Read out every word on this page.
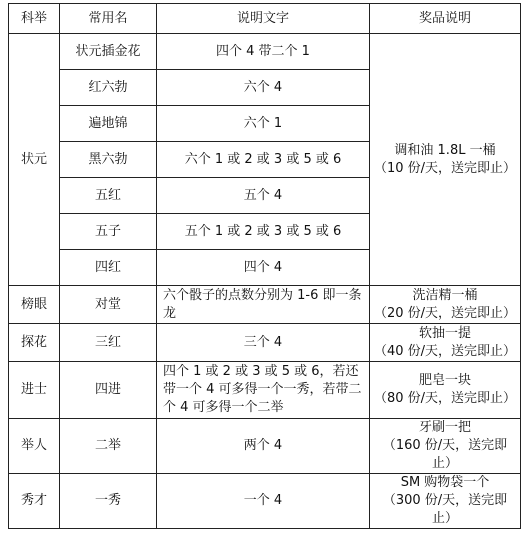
科举	常用名	说明文字	奖品说明
状元	状元插金花	四个 4 带二个 1	调和油 1.8L 一桶
（10 份/天，送完即止）

	红六勃	六个 4	
	遍地锦	六个 1	
	黑六勃	六个 1 或 2 或 3 或 5 或 6	
	五红	五个 4	
	五子	五个 1 或 2 或 3 或 5 或 6	
	四红	四个 4	
榜眼	对堂	六个骰子的点数分别为 1-6 即一条龙	洗洁精一桶
（20 份/天，送完即止）

探花	三红	三个 4	软抽一提
（40 份/天，送完即止）

进士	四进	四个 1 或 2 或 3 或 5 或 6，若还带一个 4 可多得一个一秀，若带二个 4 可多得一个二举	肥皂一块
（80 份/天，送完即止）

举人	二举	两个 4	牙刷一把
（160 份/天，送完即止）

秀才	一秀	一个 4	SM 购物袋一个
（300 份/天，送完即止）
